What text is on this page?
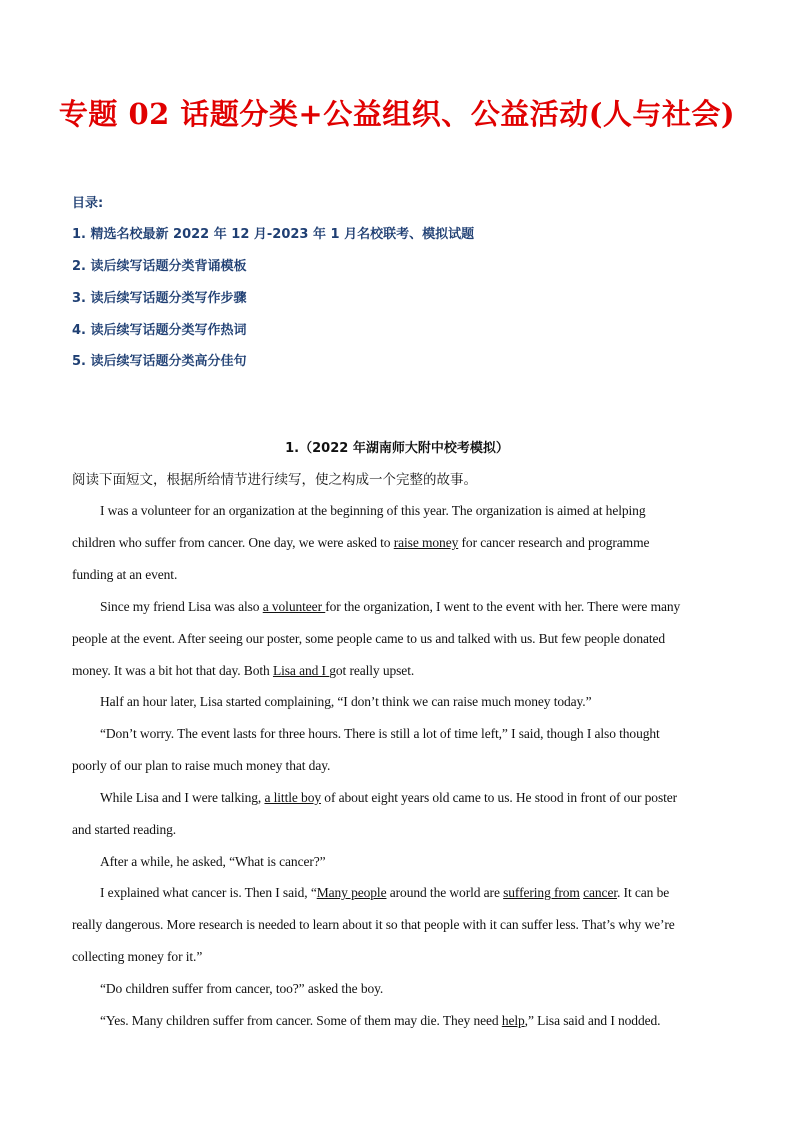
专题 02 话题分类+公益组织、公益活动(人与社会)
目录:
1. 精选名校最新 2022 年 12 月-2023 年 1 月名校联考、模拟试题
2. 读后续写话题分类背诵模板
3. 读后续写话题分类写作步骤
4. 读后续写话题分类写作热词
5. 读后续写话题分类高分佳句
1.（2022 年湖南师大附中校考模拟）
阅读下面短文，根据所给情节进行续写，使之构成一个完整的故事。
I was a volunteer for an organization at the beginning of this year. The organization is aimed at helping
children who suffer from cancer. One day, we were asked to raise money for cancer research and programme
funding at an event.
Since my friend Lisa was also a volunteer for the organization, I went to the event with her. There were many
people at the event. After seeing our poster, some people came to us and talked with us. But few people donated
money. It was a bit hot that day. Both Lisa and I got really upset.
Half an hour later, Lisa started complaining, “I don’t think we can raise much money today.”
“Don’t worry. The event lasts for three hours. There is still a lot of time left,” I said, though I also thought
poorly of our plan to raise much money that day.
While Lisa and I were talking, a little boy of about eight years old came to us. He stood in front of our poster
and started reading.
After a while, he asked, “What is cancer?”
I explained what cancer is. Then I said, “Many people around the world are suffering from cancer. It can be
really dangerous. More research is needed to learn about it so that people with it can suffer less. That’s why we’re
collecting money for it.”
“Do children suffer from cancer, too?” asked the boy.
“Yes. Many children suffer from cancer. Some of them may die. They need help,” Lisa said and I nodded.
